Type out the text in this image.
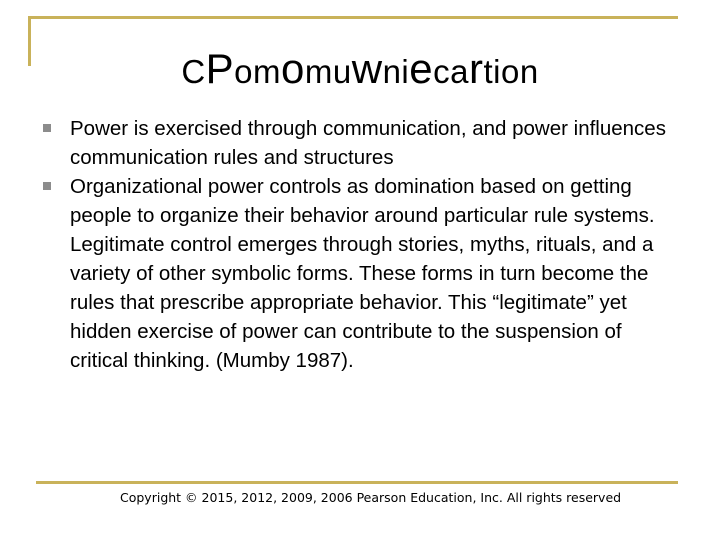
CPomomuwniecartion
Power is exercised through communication, and power influences communication rules and structures
Organizational power controls as domination based on getting people to organize their behavior around particular rule systems. Legitimate control emerges through stories, myths, rituals, and a variety of other symbolic forms. These forms in turn become the rules that prescribe appropriate behavior. This “legitimate” yet hidden exercise of power can contribute to the suspension of critical thinking. (Mumby 1987).
Copyright © 2015, 2012, 2009, 2006 Pearson Education, Inc. All rights reserved
